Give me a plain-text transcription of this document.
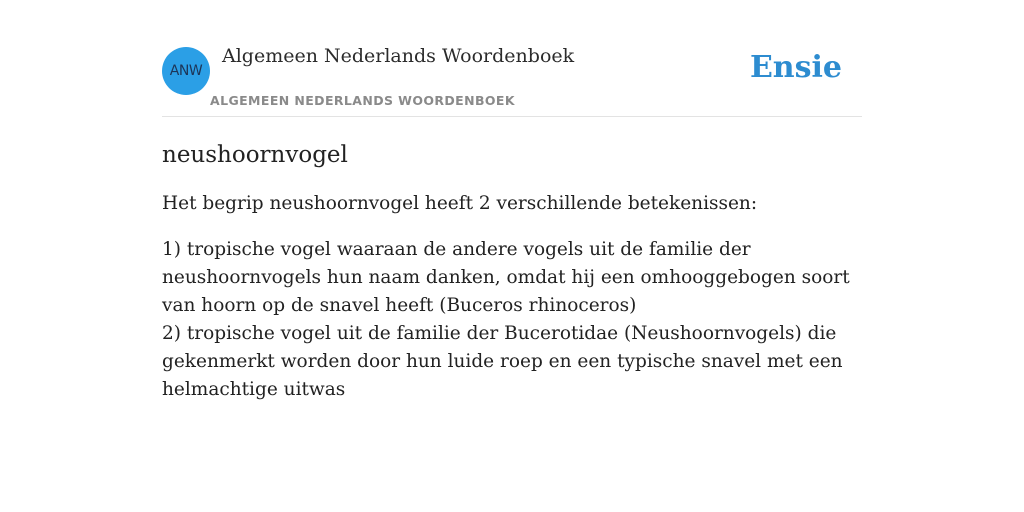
ANW
Algemeen Nederlands Woordenboek
ALGEMEEN NEDERLANDS WOORDENBOEK
Ensie
neushoornvogel

Het begrip neushoornvogel heeft 2 verschillende betekenissen:

1) tropische vogel waaraan de andere vogels uit de familie der neushoornvogels hun naam danken, omdat hij een omhooggebogen soort van hoorn op de snavel heeft (Buceros rhinoceros)

2) tropische vogel uit de familie der Bucerotidae (Neushoornvogels) die gekenmerkt worden door hun luide roep en een typische snavel met een helmachtige uitwas
